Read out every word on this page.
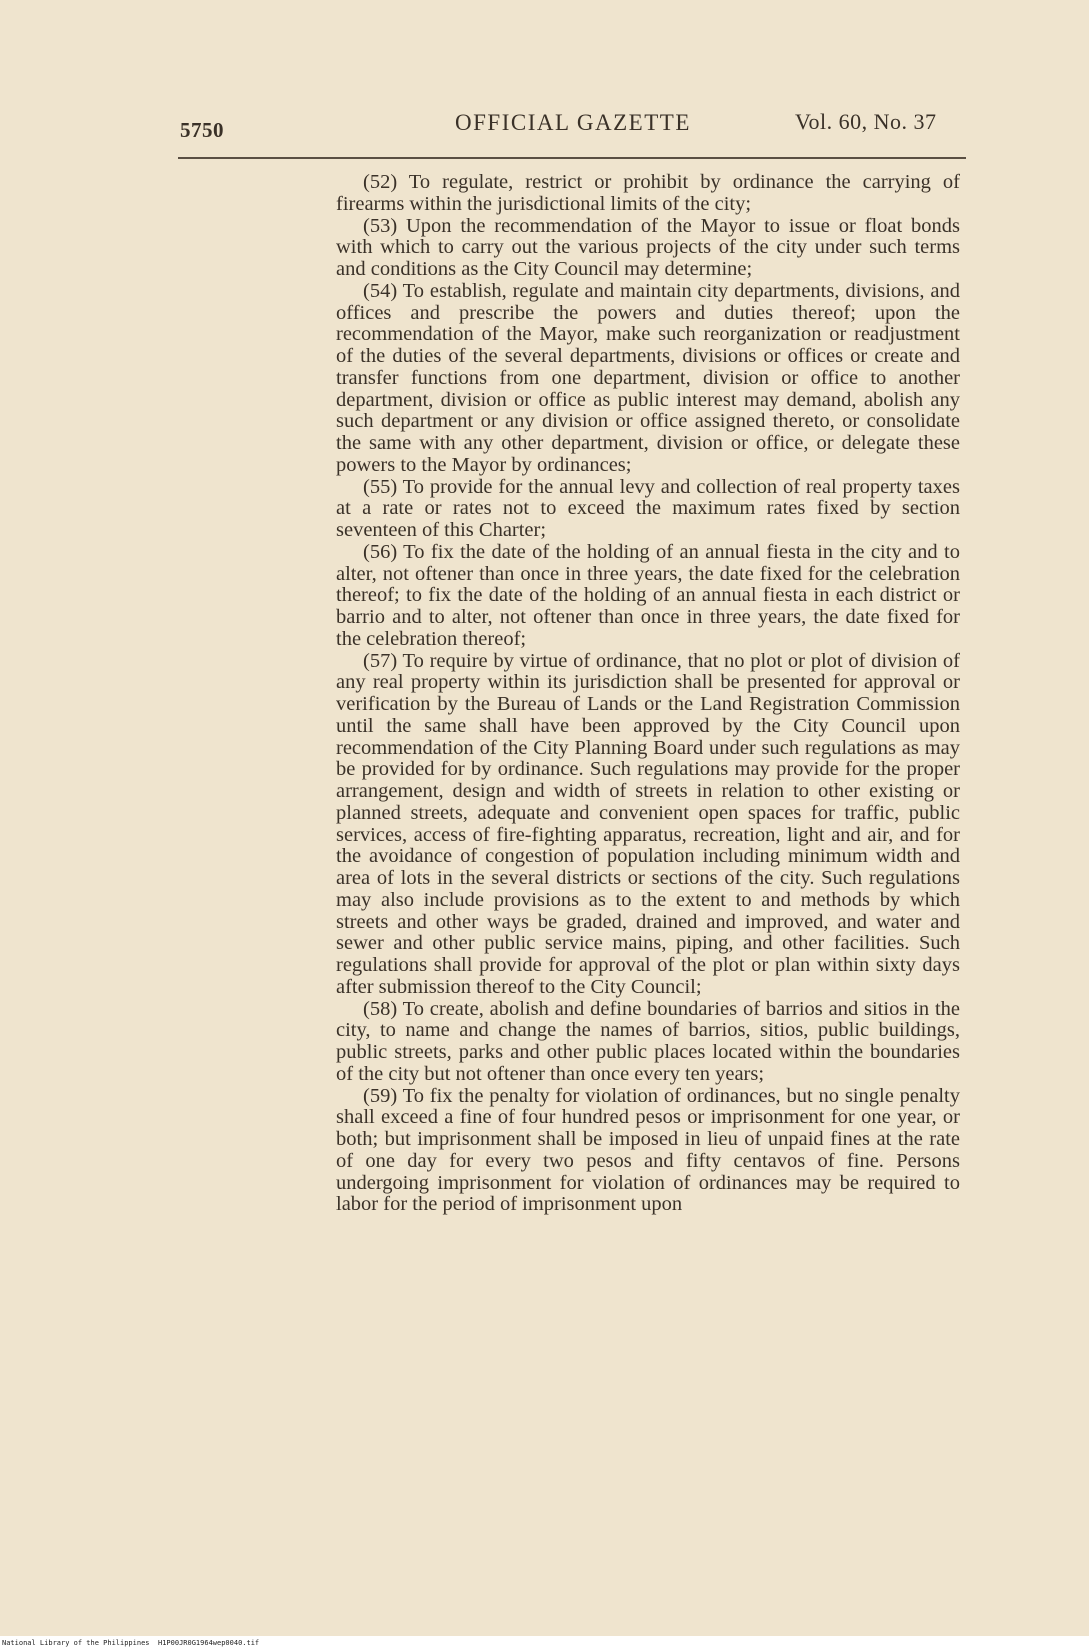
5750	OFFICIAL GAZETTE	Vol. 60, No. 37

(52) To regulate, restrict or prohibit by ordinance the carrying of firearms within the jurisdictional limits of the city;

(53) Upon the recommendation of the Mayor to issue or float bonds with which to carry out the various projects of the city under such terms and conditions as the City Council may determine;

(54) To establish, regulate and maintain city departments, divisions, and offices and prescribe the powers and duties thereof; upon the recommendation of the Mayor, make such reorganization or readjustment of the duties of the several departments, divisions or offices or create and transfer functions from one department, division or office to another department, division or office as public interest may demand, abolish any such department or any division or office assigned thereto, or consolidate the same with any other department, division or office, or delegate these powers to the Mayor by ordinances;

(55) To provide for the annual levy and collection of real property taxes at a rate or rates not to exceed the maximum rates fixed by section seventeen of this Charter;

(56) To fix the date of the holding of an annual fiesta in the city and to alter, not oftener than once in three years, the date fixed for the celebration thereof; to fix the date of the holding of an annual fiesta in each district or barrio and to alter, not oftener than once in three years, the date fixed for the celebration thereof;

(57) To require by virtue of ordinance, that no plot or plot of division of any real property within its jurisdiction shall be presented for approval or verification by the Bureau of Lands or the Land Registration Commission until the same shall have been approved by the City Council upon recommendation of the City Planning Board under such regulations as may be provided for by ordinance. Such regulations may provide for the proper arrangement, design and width of streets in relation to other existing or planned streets, adequate and convenient open spaces for traffic, public services, access of fire-fighting apparatus, recreation, light and air, and for the avoidance of congestion of population including minimum width and area of lots in the several districts or sections of the city. Such regulations may also include provisions as to the extent to and methods by which streets and other ways be graded, drained and improved, and water and sewer and other public service mains, piping, and other facilities. Such regulations shall provide for approval of the plot or plan within sixty days after submission thereof to the City Council;

(58) To create, abolish and define boundaries of barrios and sitios in the city, to name and change the names of barrios, sitios, public buildings, public streets, parks and other public places located within the boundaries of the city but not oftener than once every ten years;

(59) To fix the penalty for violation of ordinances, but no single penalty shall exceed a fine of four hundred pesos or imprisonment for one year, or both; but imprisonment shall be imposed in lieu of unpaid fines at the rate of one day for every two pesos and fifty centavos of fine. Persons undergoing imprisonment for violation of ordinances may be required to labor for the period of imprisonment upon

National Library of the Philippines H1P00JR0G1964wep0040.tif
